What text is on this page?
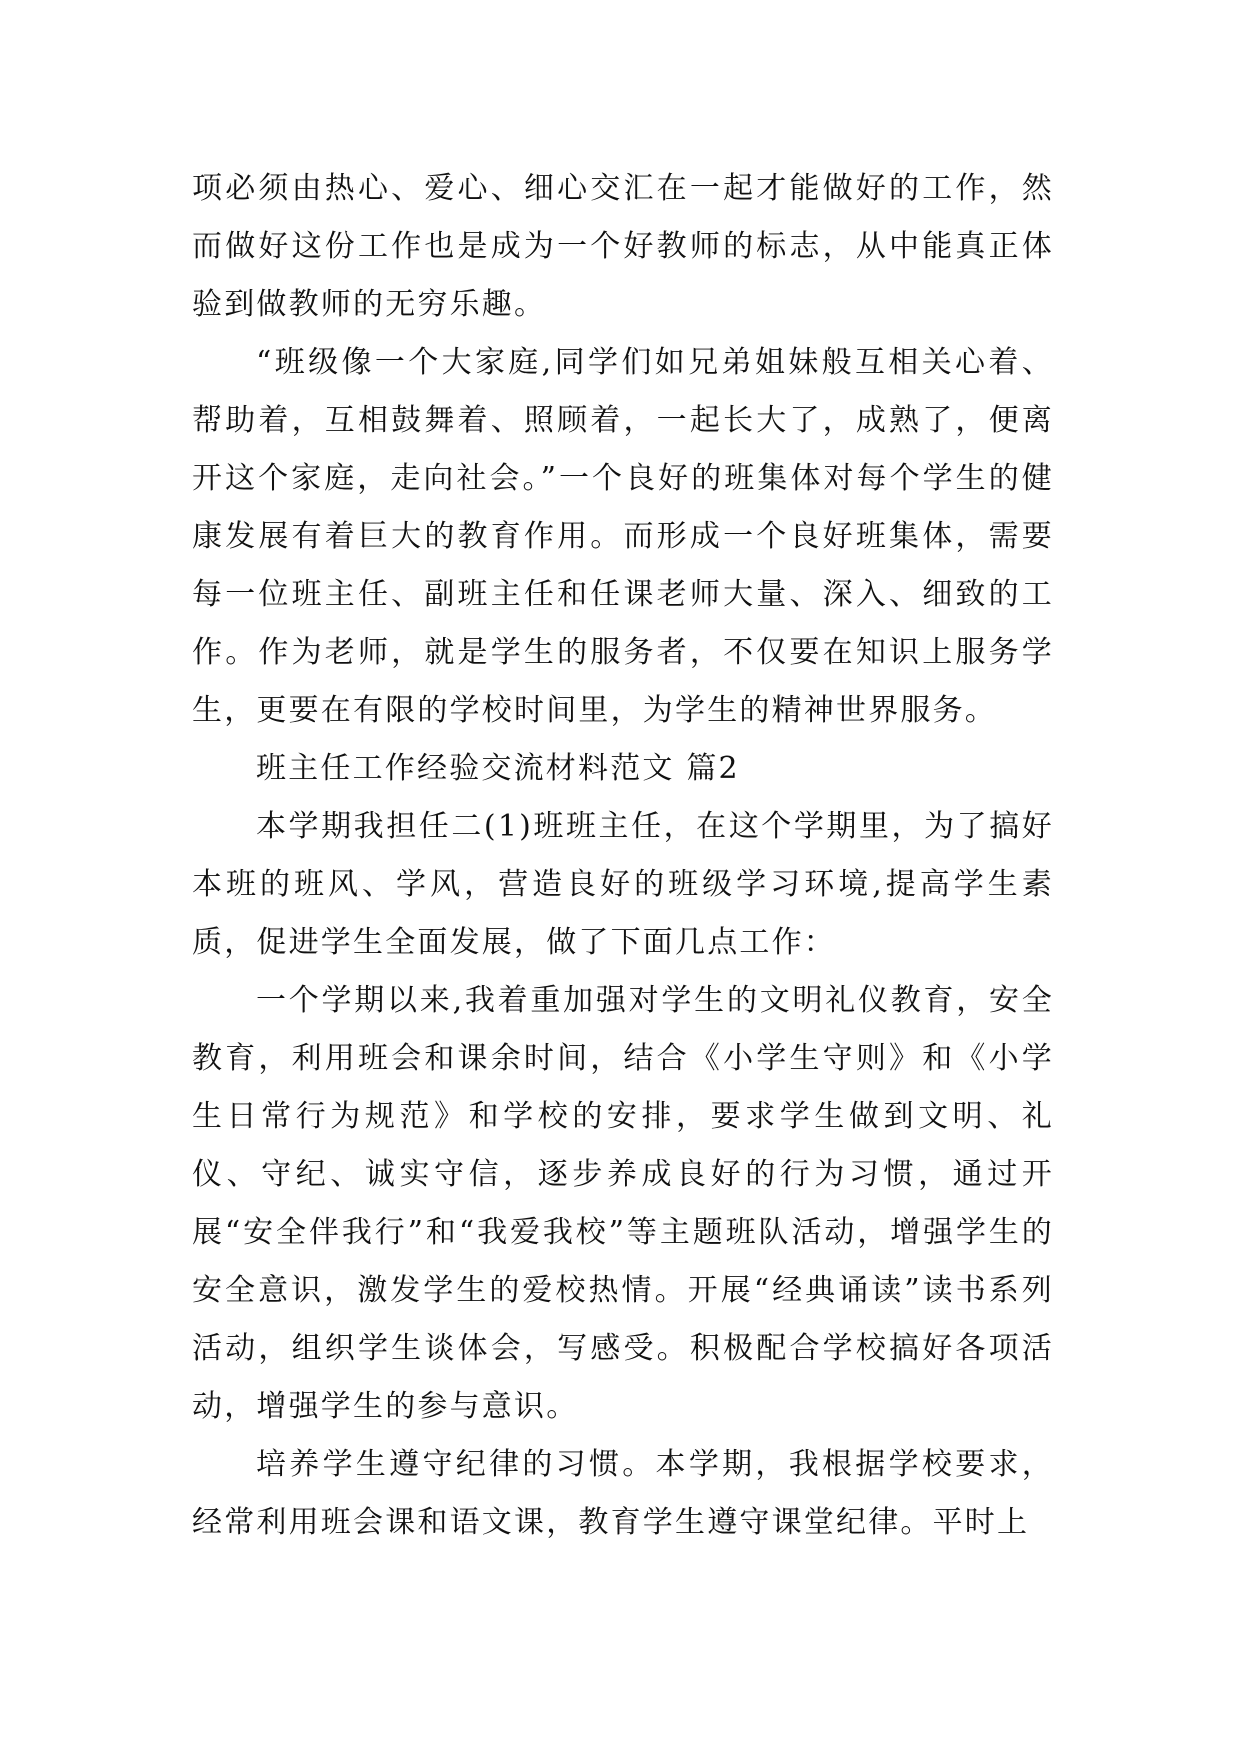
项必须由热心、爱心、细心交汇在一起才能做好的工作，然而做好这份工作也是成为一个好教师的标志，从中能真正体验到做教师的无穷乐趣。

“班级像一个大家庭,同学们如兄弟姐妹般互相关心着、帮助着，互相鼓舞着、照顾着，一起长大了，成熟了，便离开这个家庭，走向社会。”一个良好的班集体对每个学生的健康发展有着巨大的教育作用。而形成一个良好班集体，需要每一位班主任、副班主任和任课老师大量、深入、细致的工作。作为老师，就是学生的服务者，不仅要在知识上服务学生，更要在有限的学校时间里，为学生的精神世界服务。

班主任工作经验交流材料范文 篇2

本学期我担任二(1)班班主任，在这个学期里，为了搞好本班的班风、学风，营造良好的班级学习环境,提高学生素质，促进学生全面发展，做了下面几点工作：

一个学期以来,我着重加强对学生的文明礼仪教育，安全教育，利用班会和课余时间，结合《小学生守则》和《小学生日常行为规范》和学校的安排，要求学生做到文明、礼仪、守纪、诚实守信，逐步养成良好的行为习惯，通过开展“安全伴我行”和“我爱我校”等主题班队活动，增强学生的安全意识，激发学生的爱校热情。开展“经典诵读”读书系列活动，组织学生谈体会，写感受。积极配合学校搞好各项活动，增强学生的参与意识。

培养学生遵守纪律的习惯。本学期，我根据学校要求，经常利用班会课和语文课，教育学生遵守课堂纪律。平时上
